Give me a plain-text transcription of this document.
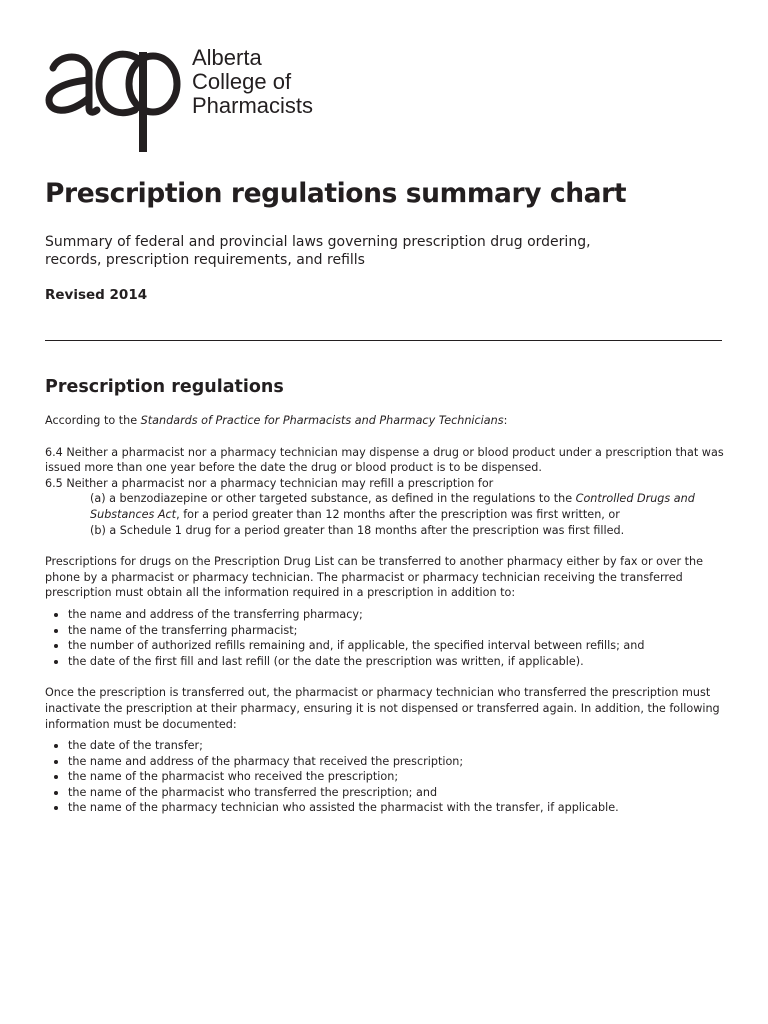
Alberta
College of
Pharmacists
Prescription regulations summary chart

Summary of federal and provincial laws governing prescription drug ordering, records, prescription requirements, and refills

Revised 2014

Prescription regulations

According to the Standards of Practice for Pharmacists and Pharmacy Technicians:

6.4 Neither a pharmacist nor a pharmacy technician may dispense a drug or blood product under a prescription that was issued more than one year before the date the drug or blood product is to be dispensed.

6.5 Neither a pharmacist nor a pharmacy technician may refill a prescription for

(a) a benzodiazepine or other targeted substance, as defined in the regulations to the Controlled Drugs and Substances Act, for a period greater than 12 months after the prescription was first written, or

(b) a Schedule 1 drug for a period greater than 18 months after the prescription was first filled.

Prescriptions for drugs on the Prescription Drug List can be transferred to another pharmacy either by fax or over the phone by a pharmacist or pharmacy technician. The pharmacist or pharmacy technician receiving the transferred prescription must obtain all the information required in a prescription in addition to:

the name and address of the transferring pharmacy;
the name of the transferring pharmacist;
the number of authorized refills remaining and, if applicable, the specified interval between refills; and
the date of the first fill and last refill (or the date the prescription was written, if applicable).

Once the prescription is transferred out, the pharmacist or pharmacy technician who transferred the prescription must inactivate the prescription at their pharmacy, ensuring it is not dispensed or transferred again. In addition, the following information must be documented:

the date of the transfer;
the name and address of the pharmacy that received the prescription;
the name of the pharmacist who received the prescription;
the name of the pharmacist who transferred the prescription; and
the name of the pharmacy technician who assisted the pharmacist with the transfer, if applicable.
